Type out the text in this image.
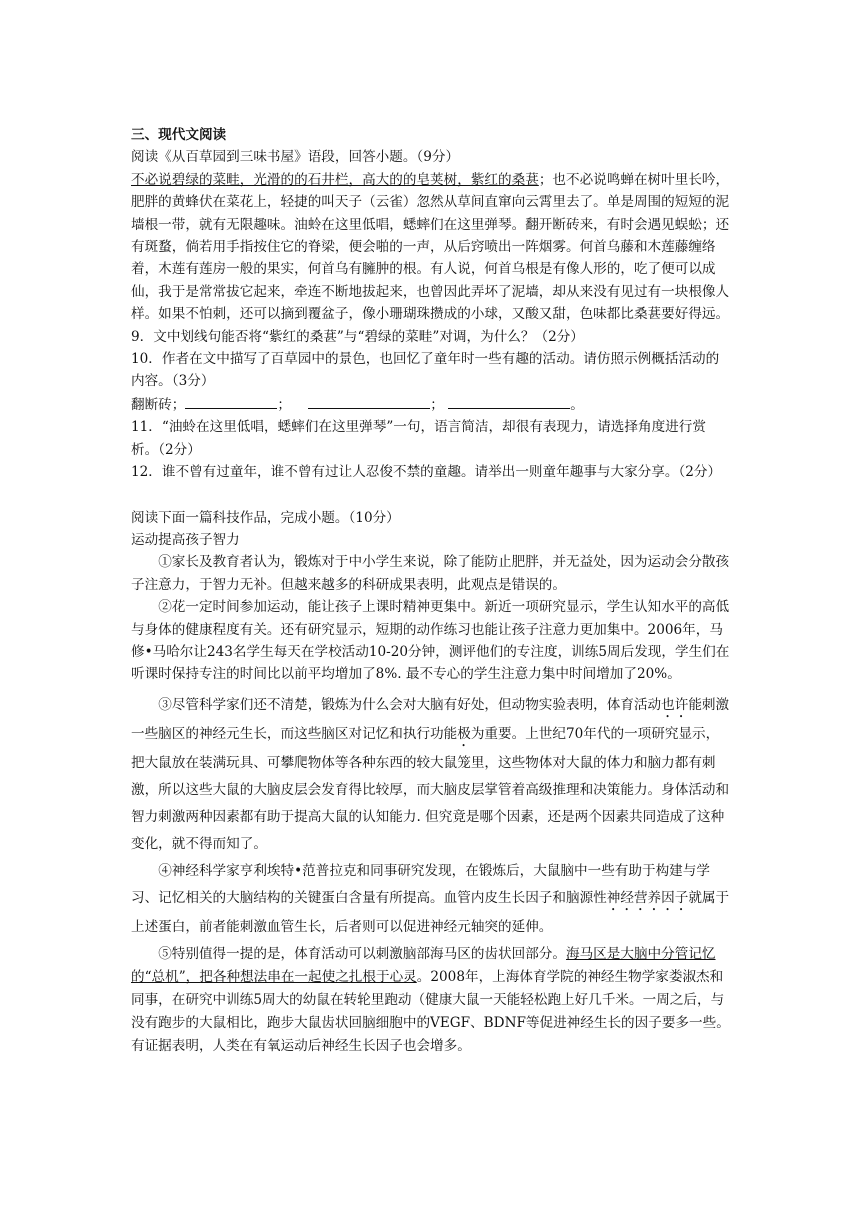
三、现代文阅读

阅读《从百草园到三味书屋》语段，回答小题。（9分）

不必说碧绿的菜畦，光滑的的石井栏，高大的的皂荚树，紫红的桑葚；也不必说鸣蝉在树叶里长吟，肥胖的黄蜂伏在菜花上，轻捷的叫天子（云雀）忽然从草间直窜向云霄里去了。单是周围的短短的泥墙根一带，就有无限趣味。油蛉在这里低唱，蟋蟀们在这里弹琴。翻开断砖来，有时会遇见蜈蚣；还有斑蝥，倘若用手指按住它的脊梁，便会啪的一声，从后窍喷出一阵烟雾。何首乌藤和木莲藤缠络着，木莲有莲房一般的果实，何首乌有臃肿的根。有人说，何首乌根是有像人形的，吃了便可以成仙，我于是常常拔它起来，牵连不断地拔起来，也曾因此弄坏了泥墙，却从来没有见过有一块根像人样。如果不怕刺，还可以摘到覆盆子，像小珊瑚珠攒成的小球，又酸又甜，色味都比桑葚要好得远。

9．文中划线句能否将“紫红的桑葚”与“碧绿的菜畦”对调，为什么？（2分）

10．作者在文中描写了百草园中的景色，也回忆了童年时一些有趣的活动。请仿照示例概括活动的内容。（3分）

翻断砖；	；	；	。

11．“油蛉在这里低唱，蟋蟀们在这里弹琴”一句，语言简洁，却很有表现力，请选择角度进行赏析。（2分）

12．谁不曾有过童年，谁不曾有过让人忍俊不禁的童趣。请举出一则童年趣事与大家分享。（2分）

阅读下面一篇科技作品，完成小题。（10分）

运动提高孩子智力

①家长及教育者认为，锻炼对于中小学生来说，除了能防止肥胖，并无益处，因为运动会分散孩子注意力，于智力无补。但越来越多的科研成果表明，此观点是错误的。

②花一定时间参加运动，能让孩子上课时精神更集中。新近一项研究显示，学生认知水平的高低与身体的健康程度有关。还有研究显示，短期的动作练习也能让孩子注意力更加集中。2006年，马修•马哈尔让243名学生每天在学校活动10-20分钟，测评他们的专注度，训练5周后发现，学生们在听课时保持专注的时间比以前平均增加了8%. 最不专心的学生注意力集中时间增加了20%。

③尽管科学家们还不清楚，锻炼为什么会对大脑有好处，但动物实验表明，体育活动也许能刺激一些脑区的神经元生长，而这些脑区对记忆和执行功能极为重要。上世纪70年代的一项研究显示，把大鼠放在装满玩具、可攀爬物体等各种东西的较大鼠笼里，这些物体对大鼠的体力和脑力都有刺激，所以这些大鼠的大脑皮层会发育得比较厚，而大脑皮层掌管着高级推理和决策能力。身体活动和智力刺激两种因素都有助于提高大鼠的认知能力. 但究竟是哪个因素，还是两个因素共同造成了这种变化，就不得而知了。

④神经科学家亨利埃特•范普拉克和同事研究发现，在锻炼后，大鼠脑中一些有助于构建与学习、记忆相关的大脑结构的关键蛋白含量有所提高。血管内皮生长因子和脑源性神经营养因子就属于上述蛋白，前者能刺激血管生长，后者则可以促进神经元轴突的延伸。

⑤特别值得一提的是，体育活动可以刺激脑部海马区的齿状回部分。海马区是大脑中分管记忆的“总机”，把各种想法串在一起使之扎根于心灵。2008年，上海体育学院的神经生物学家娄淑杰和同事，在研究中训练5周大的幼鼠在转轮里跑动（健康大鼠一天能轻松跑上好几千米。一周之后，与没有跑步的大鼠相比，跑步大鼠齿状回脑细胞中的VEGF、BDNF等促进神经生长的因子要多一些。有证据表明，人类在有氧运动后神经生长因子也会增多。
